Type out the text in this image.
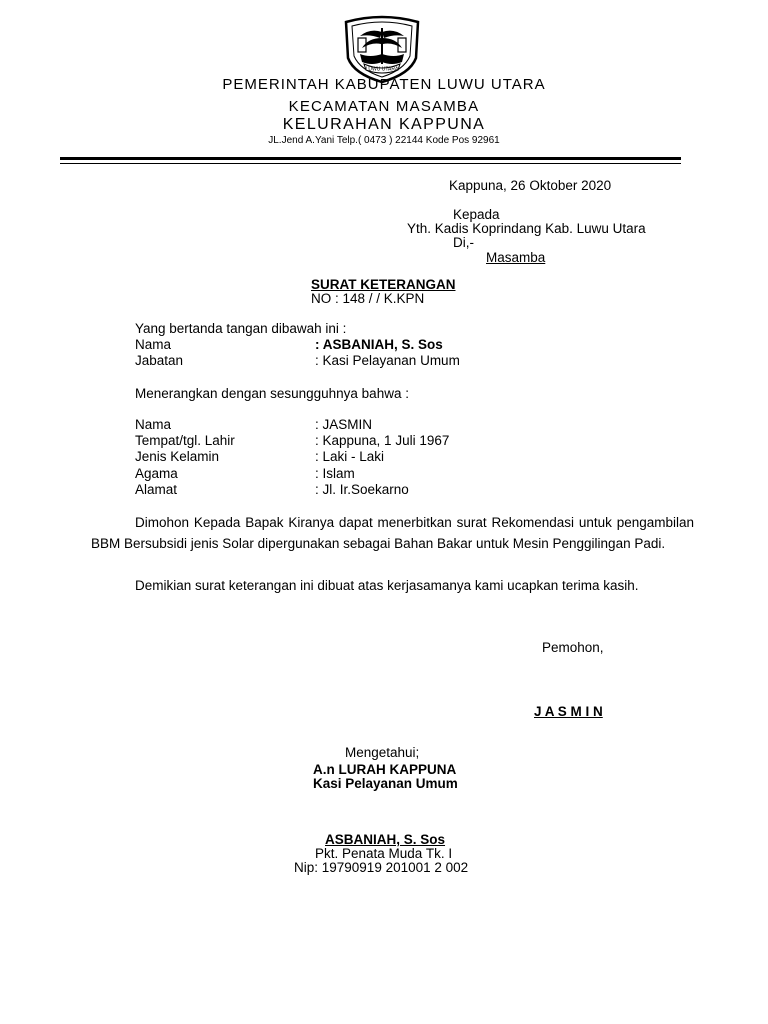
LUWU UTARA
PEMERINTAH KABUPATEN LUWU UTARA
KECAMATAN MASAMBA
KELURAHAN KAPPUNA
JL.Jend A.Yani Telp.( 0473 ) 22144 Kode Pos 92961
Kappuna, 26 Oktober 2020
Kepada
Yth. Kadis Koprindang Kab. Luwu Utara
Di,-
Masamba
SURAT KETERANGAN
NO : 148 / / K.KPN
Yang bertanda tangan dibawah ini :
Nama	: ASBANIAH, S. Sos
Jabatan	: Kasi Pelayanan Umum
Menerangkan dengan sesungguhnya bahwa :
Nama	: JASMIN
Tempat/tgl. Lahir	: Kappuna, 1 Juli 1967
Jenis Kelamin	: Laki - Laki
Agama	: Islam
Alamat	: Jl. Ir.Soekarno
Dimohon Kepada Bapak Kiranya dapat menerbitkan surat Rekomendasi untuk pengambilan BBM Bersubsidi jenis Solar dipergunakan sebagai Bahan Bakar untuk Mesin Penggilingan Padi.
Demikian surat keterangan ini dibuat atas kerjasamanya kami ucapkan terima kasih.
Pemohon,
J A S M I N
Mengetahui;
A.n LURAH KAPPUNA
Kasi Pelayanan Umum
ASBANIAH, S. Sos
Pkt. Penata Muda Tk. I
Nip: 19790919 201001 2 002
